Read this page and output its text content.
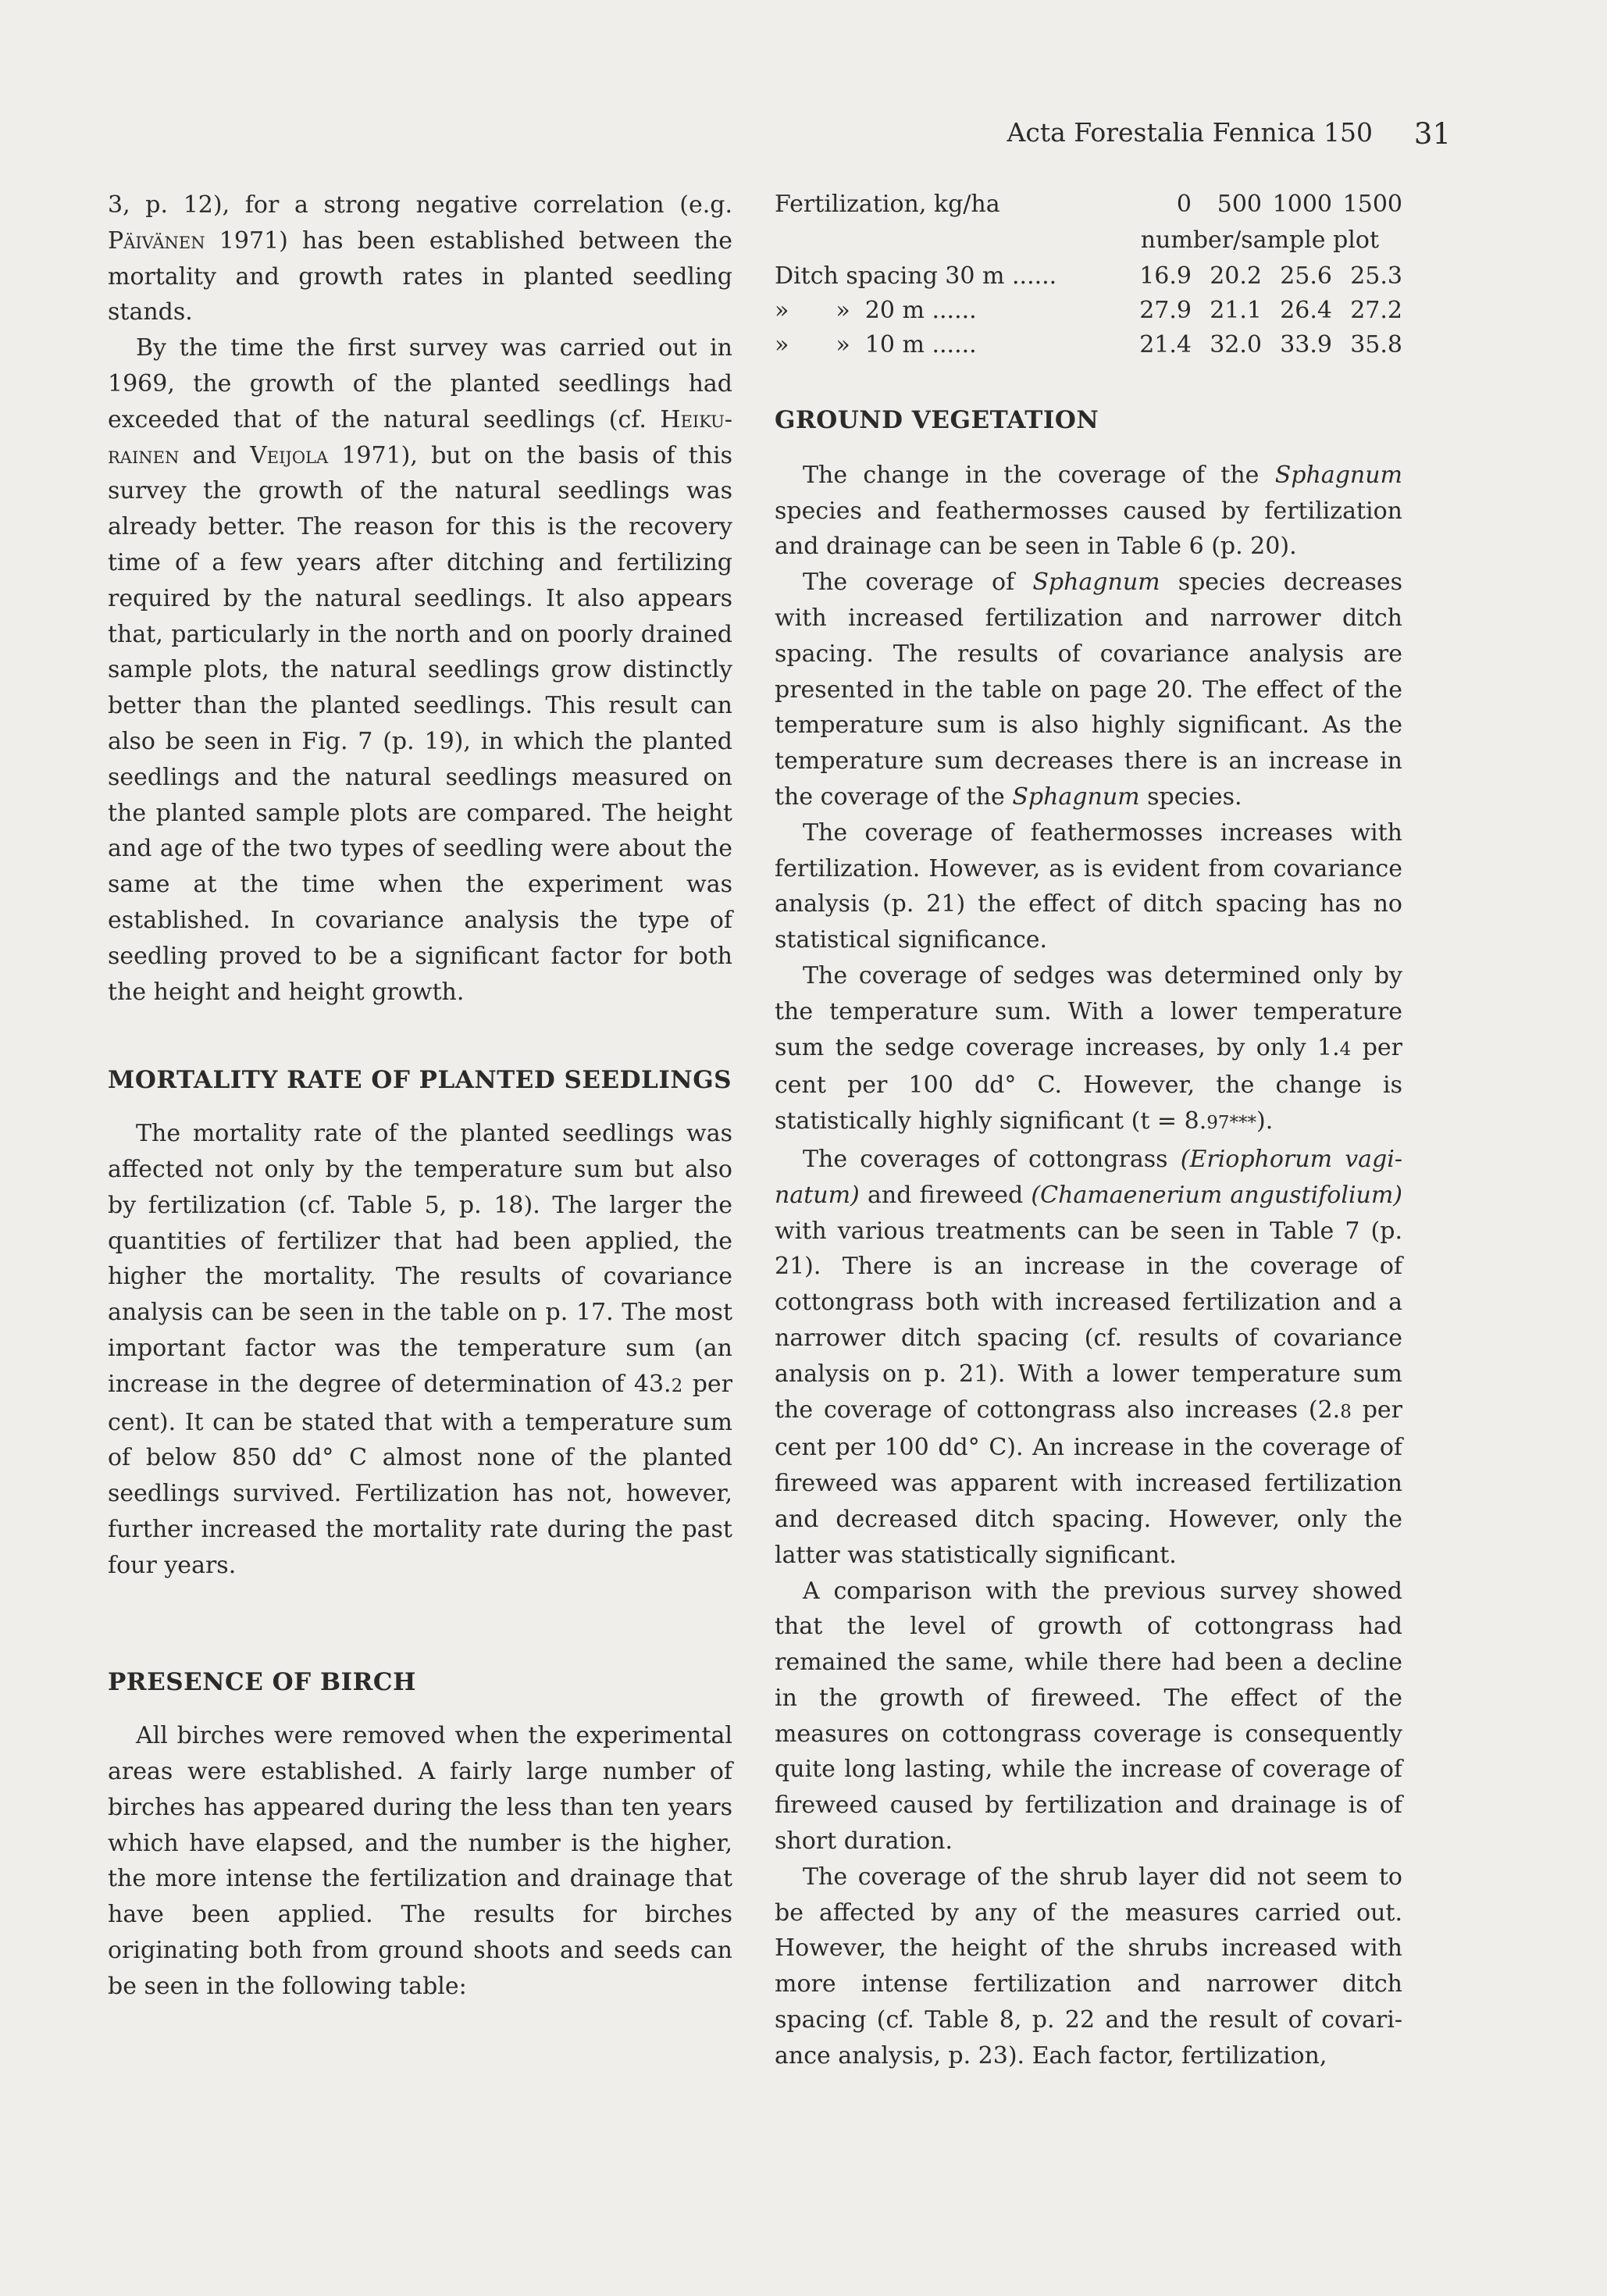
Acta Forestalia Fennica 150 31

3, p. 12), for a strong negative correlation (e.g. Päivänen 1971) has been established between the mortality and growth rates in planted seedling stands.

By the time the first survey was carried out in 1969, the growth of the planted seedlings had exceeded that of the natural seedlings (cf. Heikurainen and Veijola 1971), but on the basis of this survey the growth of the natural seedlings was already better. The reason for this is the recovery time of a few years after ditching and fertilizing required by the natural seedlings. It also appears that, particularly in the north and on poorly drained sample plots, the natural seedlings grow distinctly better than the planted seedlings. This result can also be seen in Fig. 7 (p. 19), in which the planted seedlings and the natural seedlings measured on the planted sample plots are compared. The height and age of the two types of seedling were about the same at the time when the experiment was established. In covariance analysis the type of seedling proved to be a significant factor for both the height and height growth.

MORTALITY RATE OF PLANTED SEEDLINGS

The mortality rate of the planted seedlings was affected not only by the temperature sum but also by fertilization (cf. Table 5, p. 18). The larger the quantities of fertilizer that had been applied, the higher the mortality. The results of covariance analysis can be seen in the table on p. 17. The most important factor was the temperature sum (an increase in the degree of determination of 43.2 per cent). It can be stated that with a temperature sum of below 850 dd° C almost none of the planted seedlings survived. Fertilization has not, however, further increased the mortality rate during the past four years.

PRESENCE OF BIRCH

All birches were removed when the experimental areas were established. A fairly large number of birches has appeared during the less than ten years which have elapsed, and the number is the higher, the more intense the fertilization and drainage that have been applied. The results for birches originating both from ground shoots and seeds can be seen in the following table:

Fertilization, kg/ha	0	500	1000	1500
number/sample plot				
Ditch spacing 30 m ......	16.9	20.2	25.6	25.3
»  »  20 m ......	27.9	21.1	26.4	27.2
»  »  10 m ......	21.4	32.0	33.9	35.8
GROUND VEGETATION

The change in the coverage of the Sphagnum species and feathermosses caused by fertilization and drainage can be seen in Table 6 (p. 20).

The coverage of Sphagnum species decreases with increased fertilization and narrower ditch spacing. The results of covariance analysis are presented in the table on page 20. The effect of the temperature sum is also highly significant. As the temperature sum decreases there is an increase in the coverage of the Sphagnum species.

The coverage of feathermosses increases with fertilization. However, as is evident from covariance analysis (p. 21) the effect of ditch spacing has no statistical significance.

The coverage of sedges was determined only by the temperature sum. With a lower temperature sum the sedge coverage increases, by only 1.4 per cent per 100 dd° C. However, the change is statistically highly significant (t = 8.97***).

The coverages of cottongrass (Eriophorum vaginatum) and fireweed (Chamaenerium angustifolium) with various treatments can be seen in Table 7 (p. 21). There is an increase in the coverage of cottongrass both with increased fertilization and a narrower ditch spacing (cf. results of covariance analysis on p. 21). With a lower temperature sum the coverage of cottongrass also increases (2.8 per cent per 100 dd° C). An increase in the coverage of fireweed was apparent with increased fertilization and decreased ditch spacing. However, only the latter was statistically significant.

A comparison with the previous survey showed that the level of growth of cottongrass had remained the same, while there had been a decline in the growth of fireweed. The effect of the measures on cottongrass coverage is consequently quite long lasting, while the increase of coverage of fireweed caused by fertilization and drainage is of short duration.

The coverage of the shrub layer did not seem to be affected by any of the measures carried out. However, the height of the shrubs increased with more intense fertilization and narrower ditch spacing (cf. Table 8, p. 22 and the result of covariance analysis, p. 23). Each factor, fertilization,
